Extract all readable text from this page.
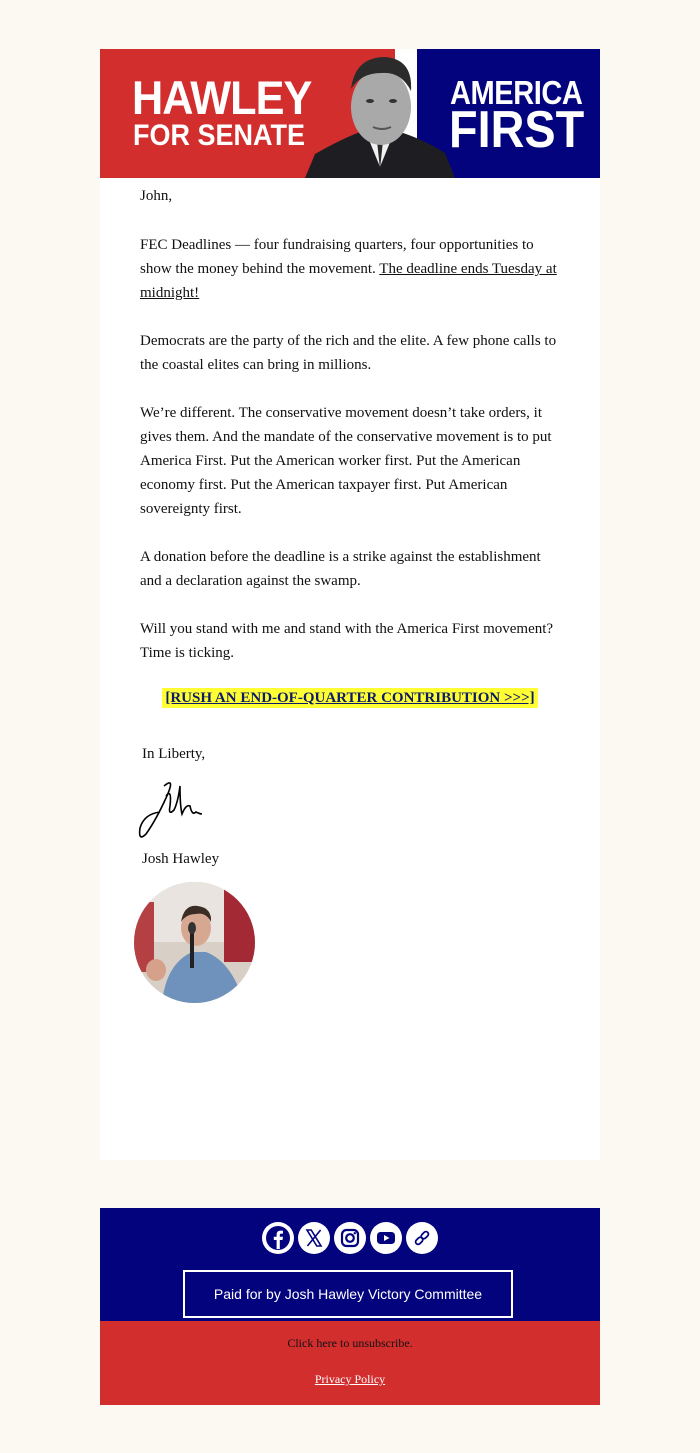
HAWLEY
FOR SENATE
AMERICA
FIRST
John,
FEC Deadlines — four fundraising quarters, four opportunities to show the money behind the movement. The deadline ends Tuesday at midnight!
Democrats are the party of the rich and the elite. A few phone calls to the coastal elites can bring in millions.
We’re different. The conservative movement doesn’t take orders, it gives them. And the mandate of the conservative movement is to put America First. Put the American worker first. Put the American economy first. Put the American taxpayer first. Put American sovereignty first.
A donation before the deadline is a strike against the establishment and a declaration against the swamp.
Will you stand with me and stand with the America First movement? Time is ticking.
[RUSH AN END-OF-QUARTER CONTRIBUTION >>>]
In Liberty,
Josh Hawley
Paid for by Josh Hawley Victory Committee
Click here to unsubscribe.
Privacy Policy
